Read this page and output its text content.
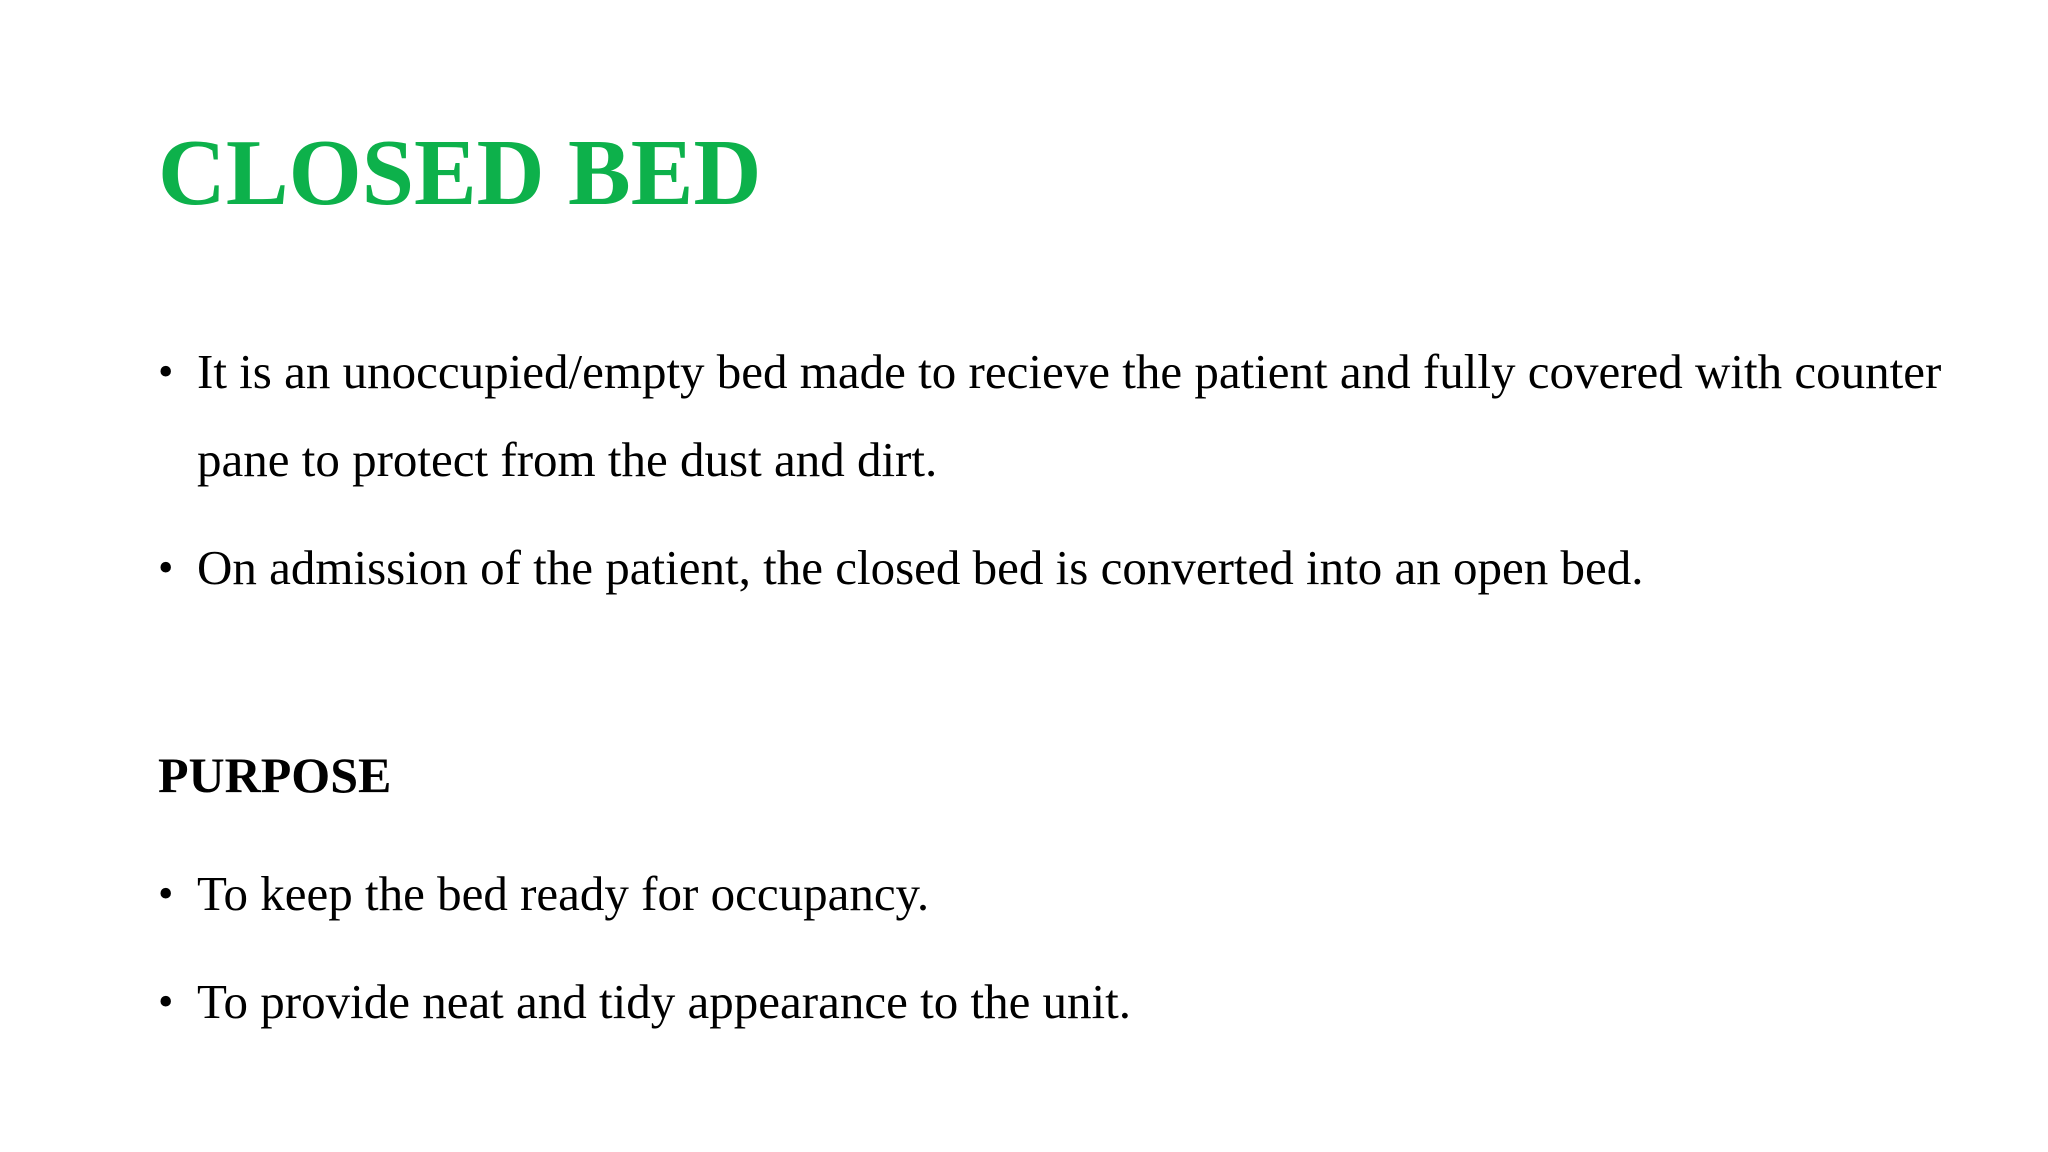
CLOSED BED
• It is an unoccupied/empty bed made to recieve the patient and fully covered with counter pane to protect from the dust and dirt.
• On admission of the patient, the closed bed is converted into an open bed.
PURPOSE
• To keep the bed ready for occupancy.
• To provide neat and tidy appearance to the unit.
